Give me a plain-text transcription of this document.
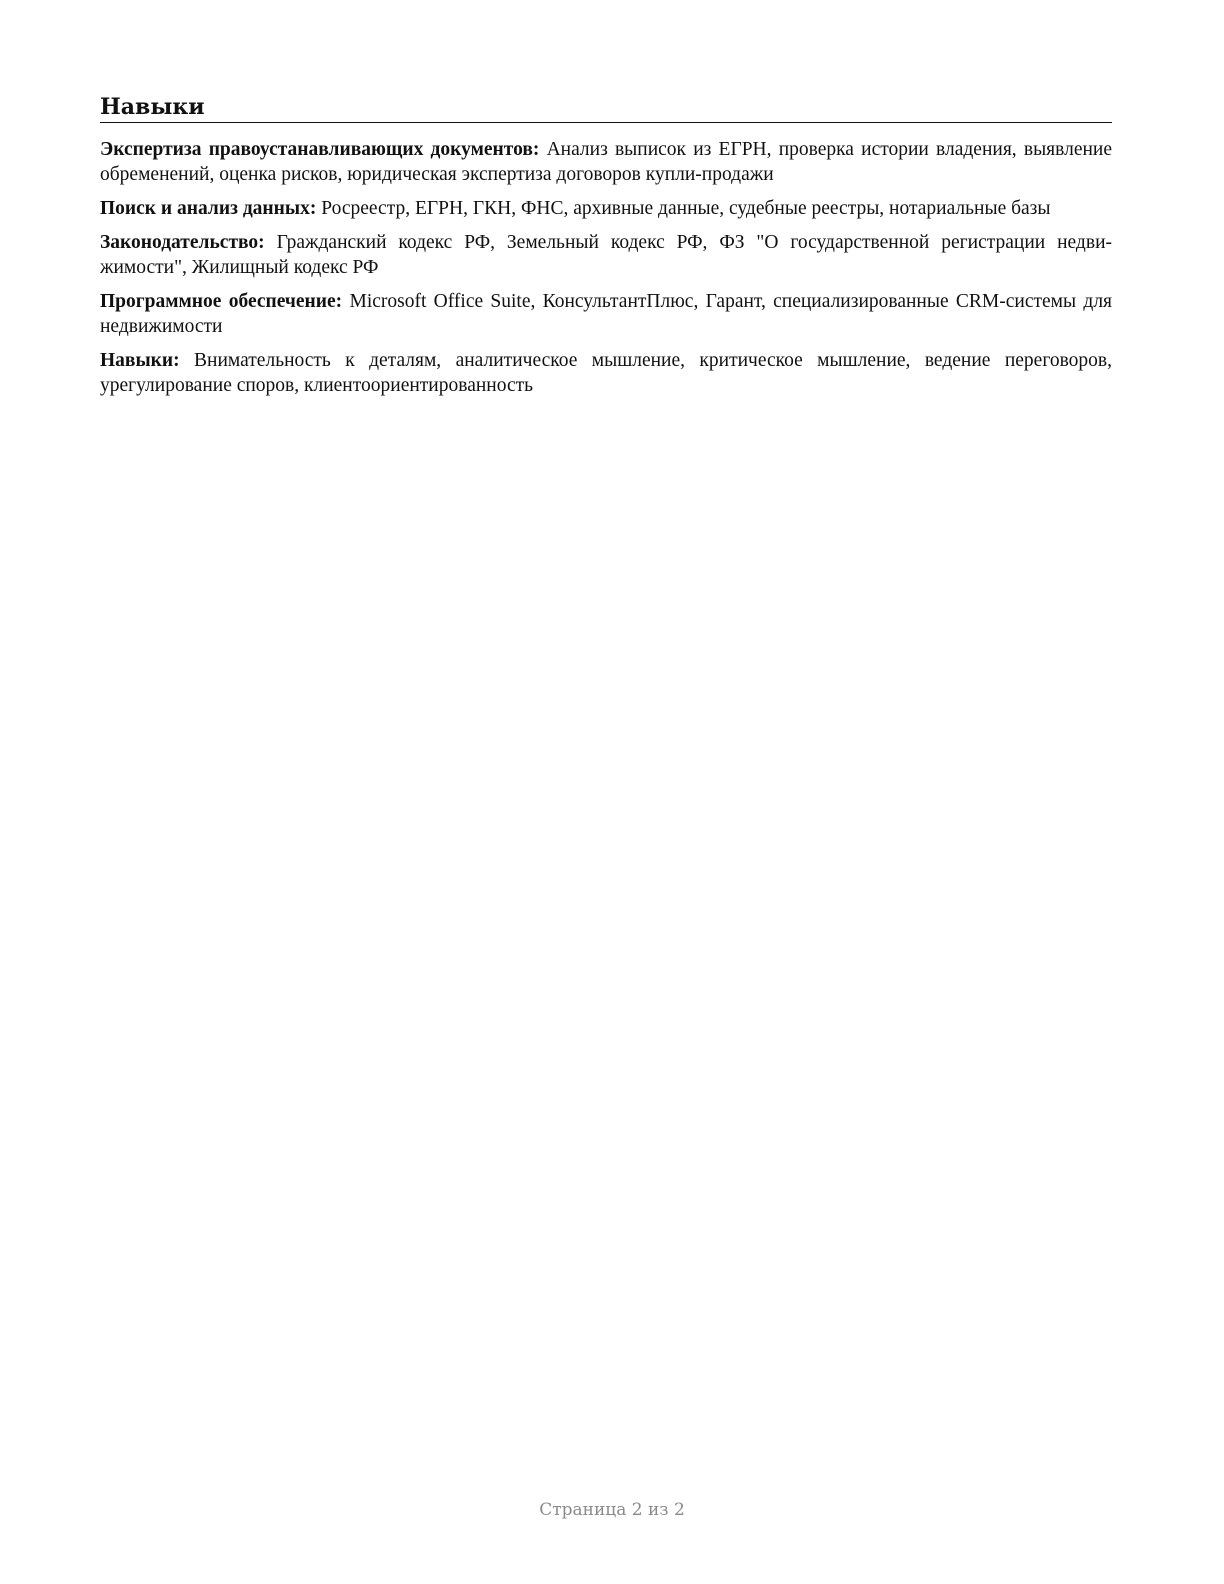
Навыки

Экспертиза правоустанавливающих документов: Анализ выписок из ЕГРН, проверка истории владения, выявление обременений, оценка рисков, юридическая экспертиза договоров купли-продажи

Поиск и анализ данных: Росреестр, ЕГРН, ГКН, ФНС, архивные данные, судебные реестры, нотариальные базы

Законодательство: Гражданский кодекс РФ, Земельный кодекс РФ, ФЗ "О государственной регистрации недвижимости", Жилищный кодекс РФ

Программное обеспечение: Microsoft Office Suite, КонсультантПлюс, Гарант, специализированные CRM-системы для недвижимости

Навыки: Внимательность к деталям, аналитическое мышление, критическое мышление, ведение переговоров, урегулирование споров, клиентоориентированность

Страница 2 из 2
